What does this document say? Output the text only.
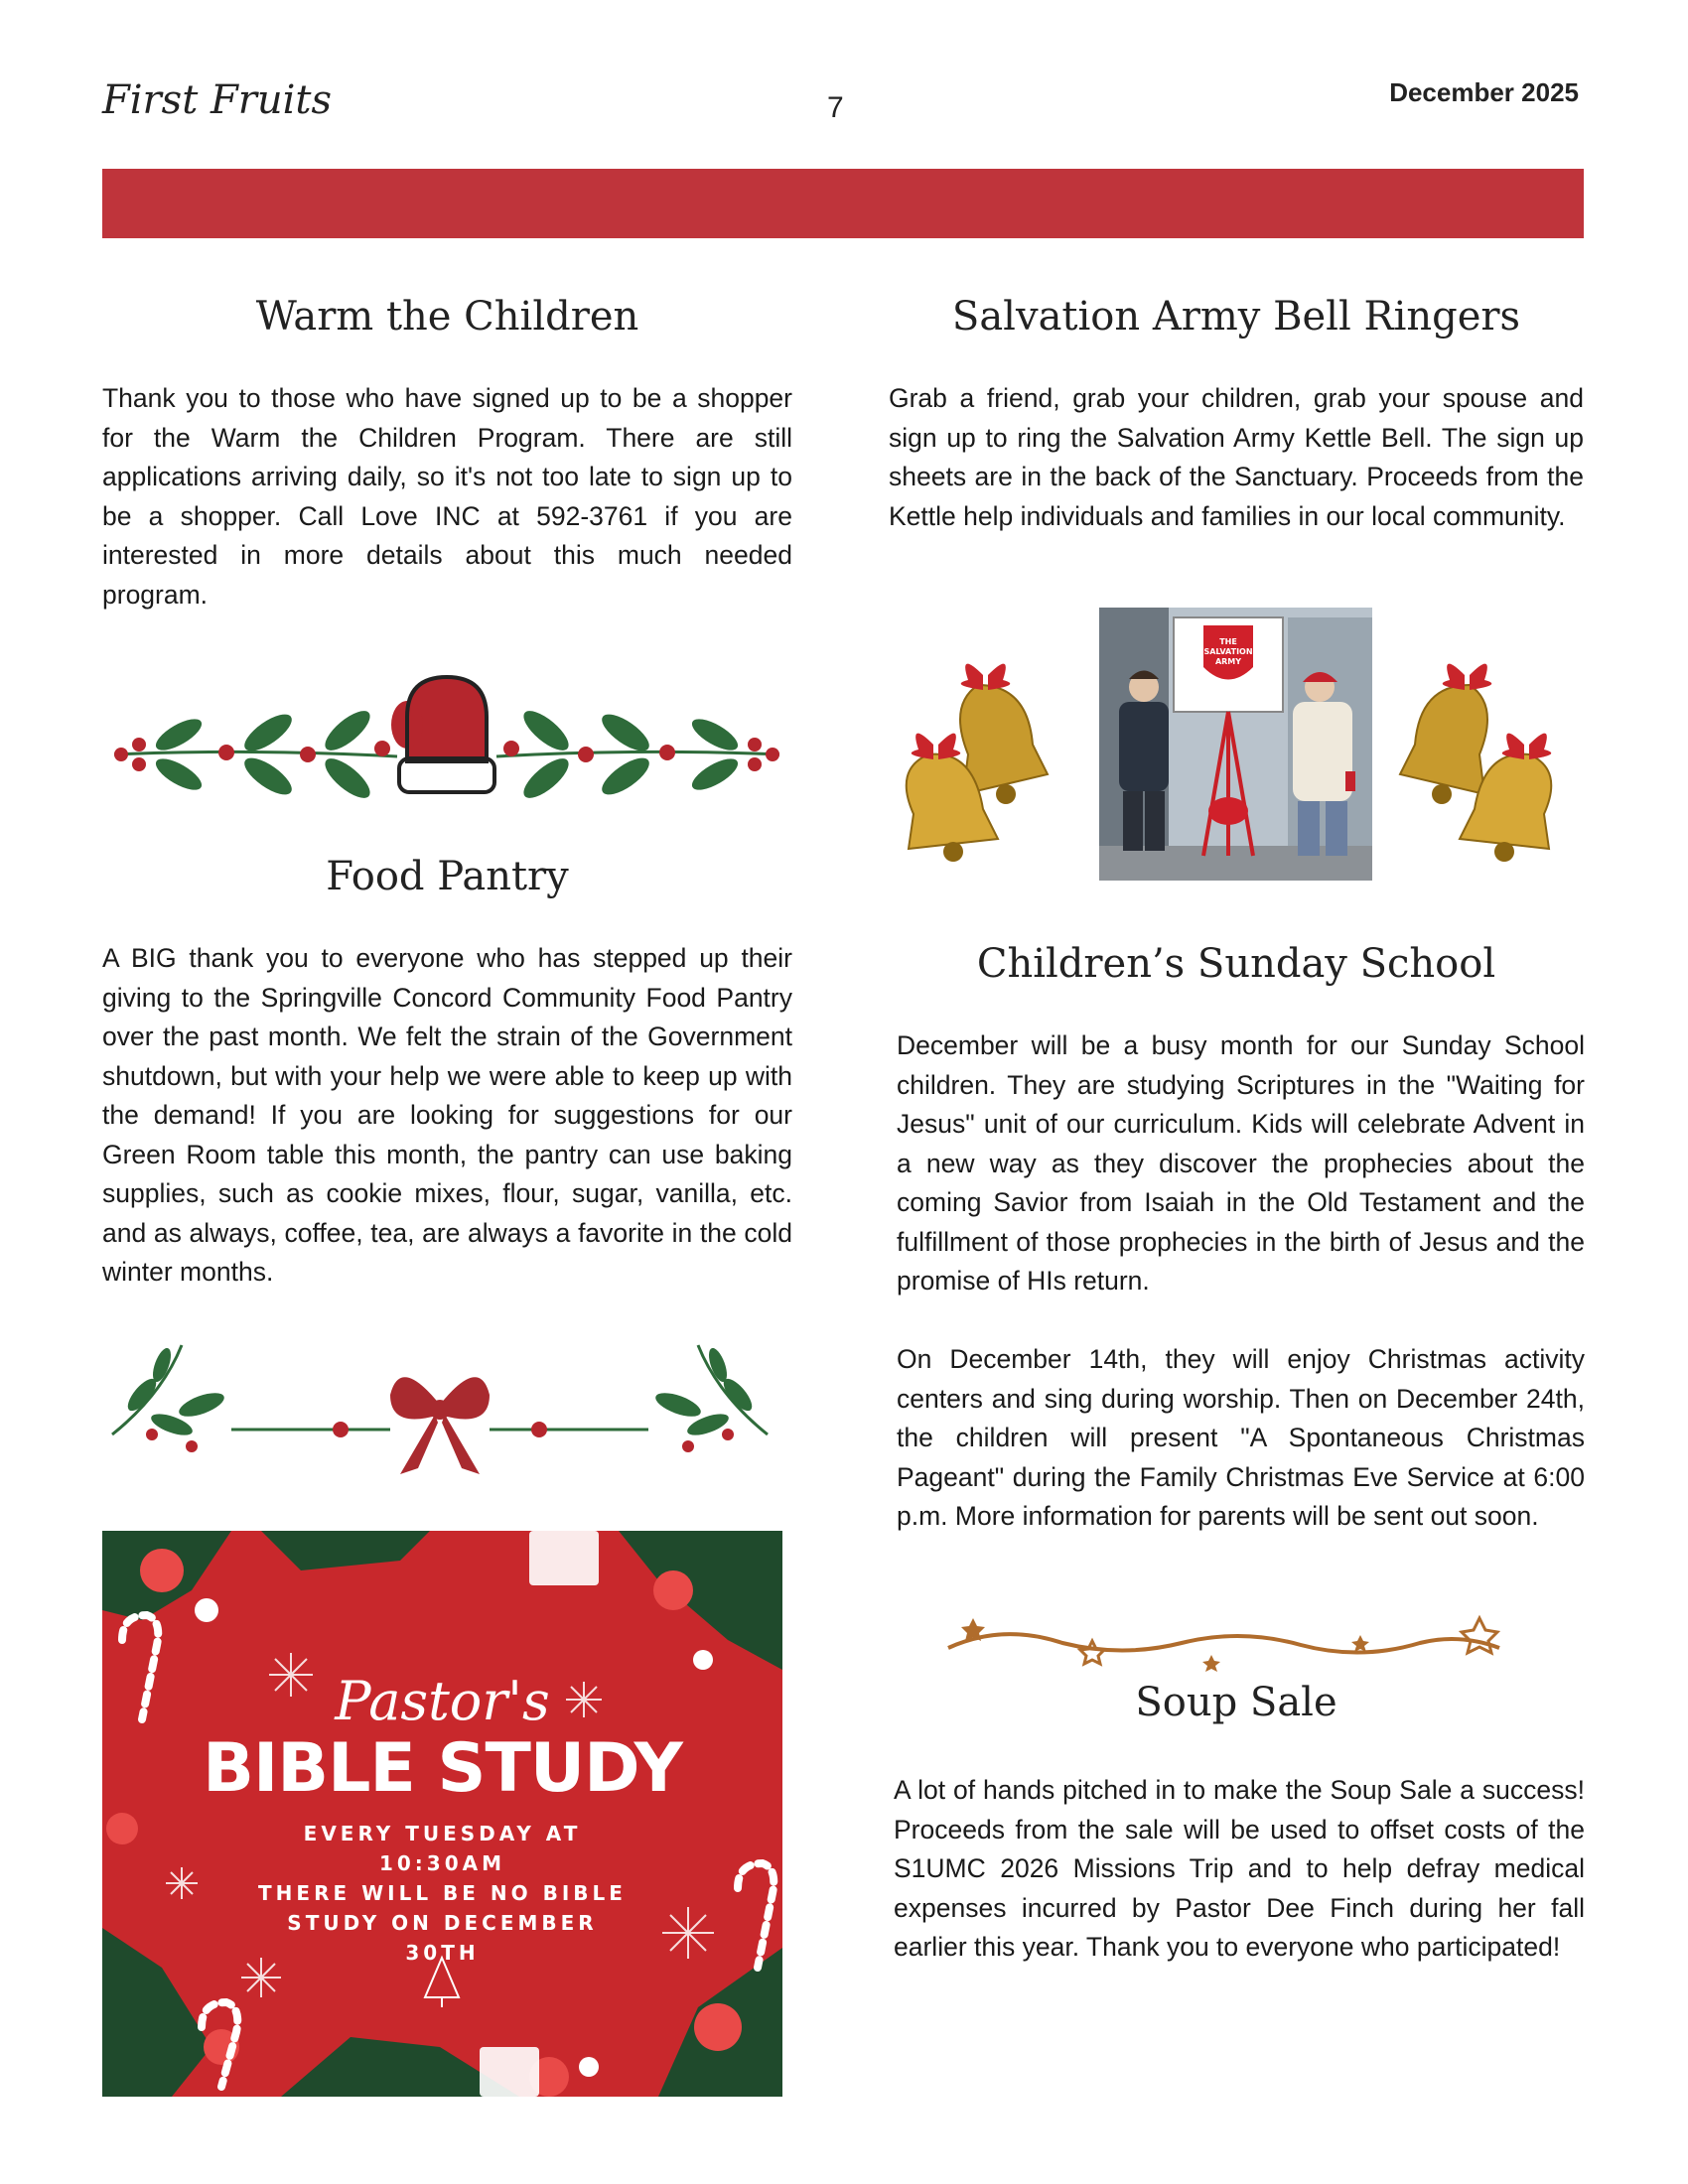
First Fruits	7	December 2025
Warm the Children

Thank you to those who have signed up to be a shopper for the Warm the Children Program. There are still applications arriving daily, so it's not too late to sign up to be a shopper. Call Love INC at 592-3761 if you are interested in more details about this much needed program.

Food Pantry

A BIG thank you to everyone who has stepped up their giving to the Springville Concord Community Food Pantry over the past month. We felt the strain of the Government shutdown, but with your help we were able to keep up with the demand! If you are looking for suggestions for our Green Room table this month, the pantry can use baking supplies, such as cookie mixes, flour, sugar, vanilla, etc. and as always, coffee, tea, are always a favorite in the cold winter months.

Pastor's
BIBLE STUDY
EVERY TUESDAY AT
10:30AM
THERE WILL BE NO BIBLE
STUDY ON DECEMBER
30TH
Salvation Army Bell Ringers

Grab a friend, grab your children, grab your spouse and sign up to ring the Salvation Army Kettle Bell. The sign up sheets are in the back of the Sanctuary. Proceeds from the Kettle help individuals and families in our local community.

THE
SALVATION
ARMY
Children’s Sunday School

December will be a busy month for our Sunday School children. They are studying Scriptures in the "Waiting for Jesus" unit of our curriculum. Kids will celebrate Advent in a new way as they discover the prophecies about the coming Savior from Isaiah in the Old Testament and the fulfillment of those prophecies in the birth of Jesus and the promise of HIs return.

On December 14th, they will enjoy Christmas activity centers and sing during worship. Then on December 24th, the children will present "A Spontaneous Christmas Pageant" during the Family Christmas Eve Service at 6:00 p.m. More information for parents will be sent out soon.

Soup Sale

A lot of hands pitched in to make the Soup Sale a success! Proceeds from the sale will be used to offset costs of the S1UMC 2026 Missions Trip and to help defray medical expenses incurred by Pastor Dee Finch during her fall earlier this year. Thank you to everyone who participated!
